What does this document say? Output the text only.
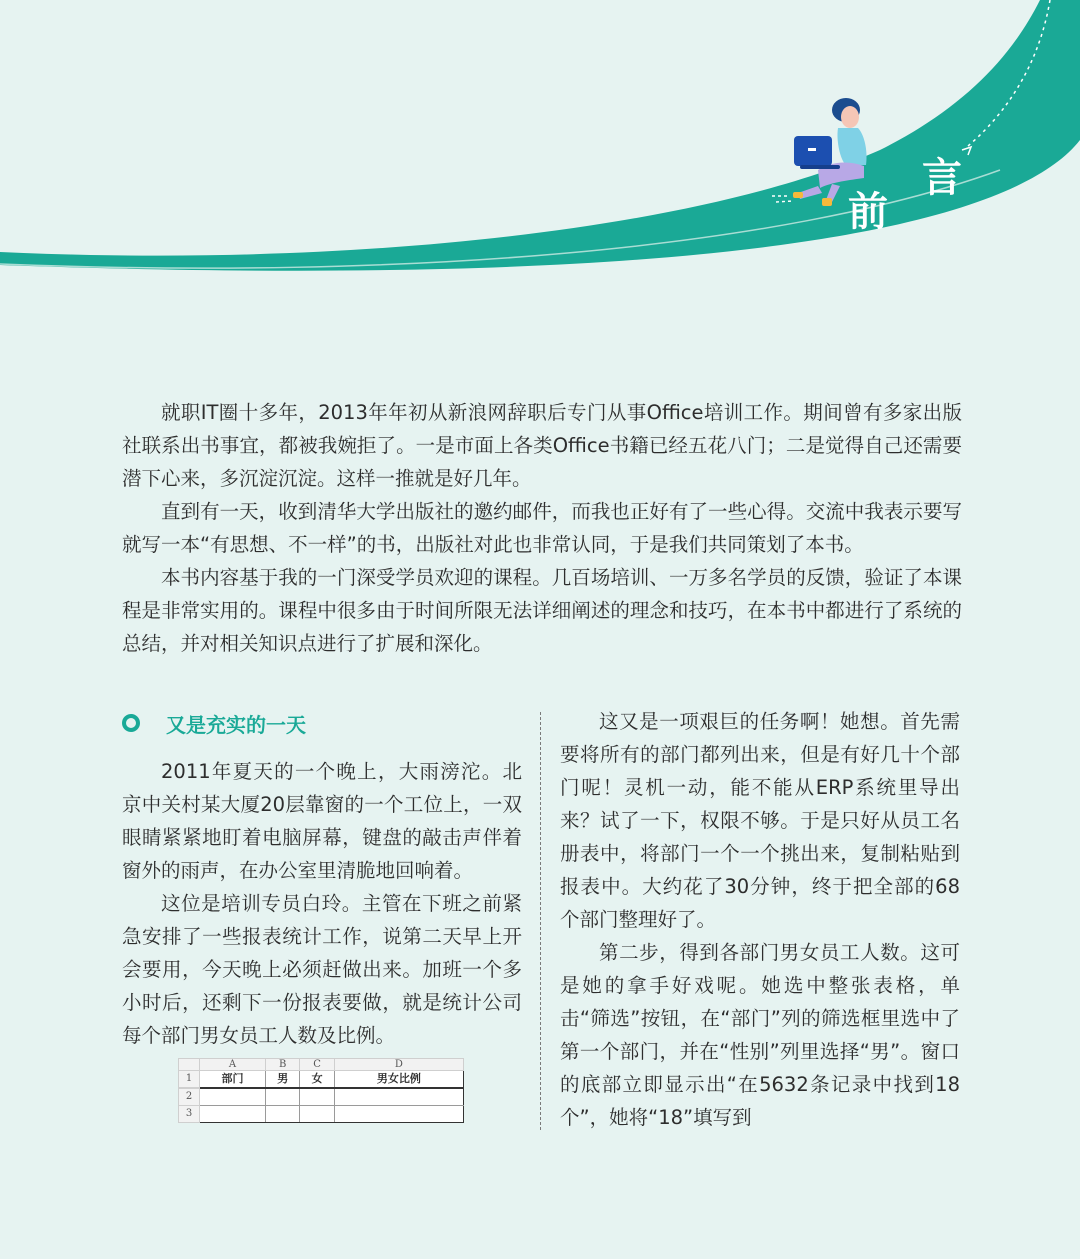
前
言

就职IT圈十多年，2013年年初从新浪网辞职后专门从事Office培训工作。期间曾有多家出版社联系出书事宜，都被我婉拒了。一是市面上各类Office书籍已经五花八门；二是觉得自己还需要潜下心来，多沉淀沉淀。这样一推就是好几年。

直到有一天，收到清华大学出版社的邀约邮件，而我也正好有了一些心得。交流中我表示要写就写一本“有思想、不一样”的书，出版社对此也非常认同，于是我们共同策划了本书。

本书内容基于我的一门深受学员欢迎的课程。几百场培训、一万多名学员的反馈，验证了本课程是非常实用的。课程中很多由于时间所限无法详细阐述的理念和技巧，在本书中都进行了系统的总结，并对相关知识点进行了扩展和深化。

又是充实的一天

2011年夏天的一个晚上，大雨滂沱。北京中关村某大厦20层靠窗的一个工位上，一双眼睛紧紧地盯着电脑屏幕，键盘的敲击声伴着窗外的雨声，在办公室里清脆地回响着。

这位是培训专员白玲。主管在下班之前紧急安排了一些报表统计工作，说第二天早上开会要用，今天晚上必须赶做出来。加班一个多小时后，还剩下一份报表要做，就是统计公司每个部门男女员工人数及比例。

这又是一项艰巨的任务啊！她想。首先需要将所有的部门都列出来，但是有好几十个部门呢！灵机一动，能不能从ERP系统里导出来？试了一下，权限不够。于是只好从员工名册表中，将部门一个一个挑出来，复制粘贴到报表中。大约花了30分钟，终于把全部的68个部门整理好了。

第二步，得到各部门男女员工人数。这可是她的拿手好戏呢。她选中整张表格，单击“筛选”按钮，在“部门”列的筛选框里选中了第一个部门，并在“性别”列里选择“男”。窗口的底部立即显示出“在5632条记录中找到18个”，她将“18”填写到

	A	B	C	D
1	部门	男	女	男女比例
2				
3				
